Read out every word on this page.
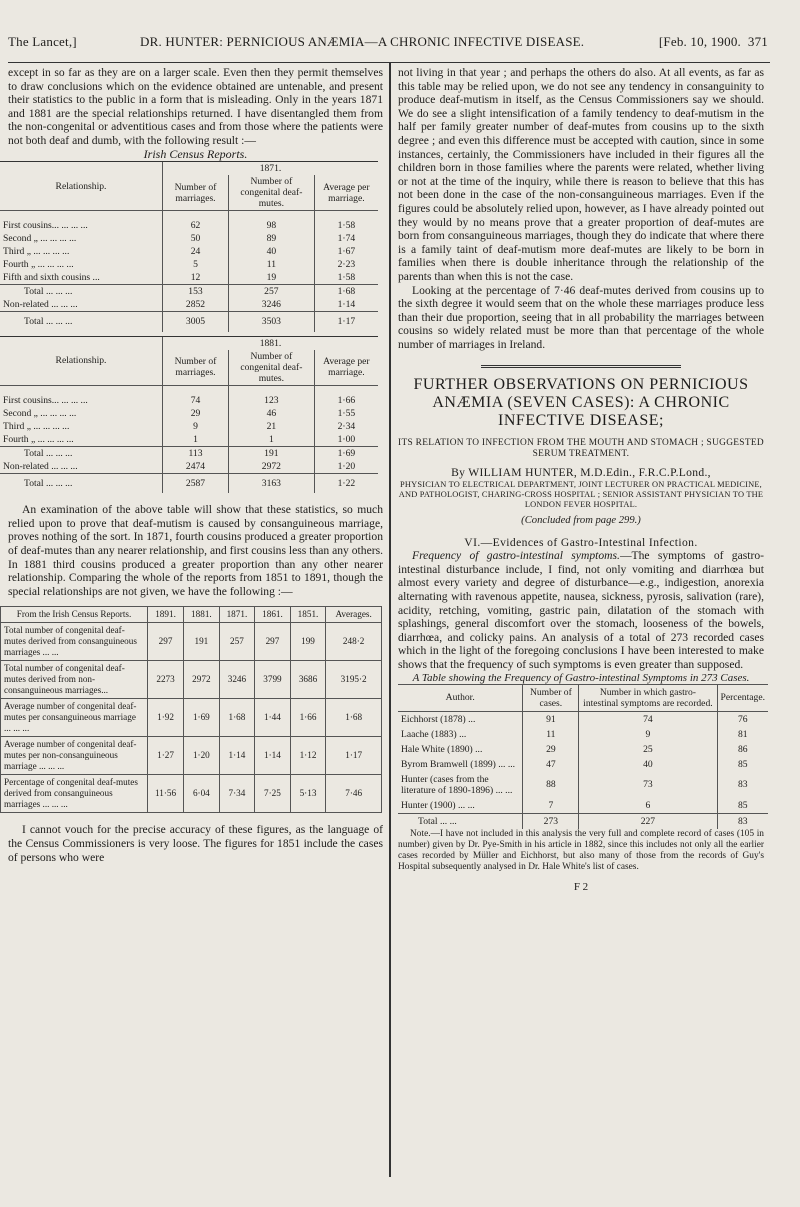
The Lancet,]	DR. HUNTER: PERNICIOUS ANÆMIA—A CHRONIC INFECTIVE DISEASE.	[Feb. 10, 1900. 371

except in so far as they are on a larger scale. Even then they permit themselves to draw conclusions which on the evidence obtained are untenable, and present their statistics to the public in a form that is misleading. Only in the years 1871 and 1881 are the special relationships returned. I have disentangled them from the non-congenital or adventitious cases and from those where the patients were not both deaf and dumb, with the following result :—

Irish Census Reports.

Relationship.	1871.		
	Number of marriages.	Number of congenital deaf-mutes.	Average per marriage.

First cousins... ... ... ...	62	98	1·58
Second „ ... ... ... ...	50	89	1·74
Third „ ... ... ... ...	24	40	1·67
Fourth „ ... ... ... ...	5	11	2·23
Fifth and sixth cousins ...	12	19	1·58
Total ... ... ...	153	257	1·68
Non-related ... ... ...	2852	3246	1·14
Total ... ... ...	3005	3503	1·17
Relationship.	1881.		
	Number of marriages.	Number of congenital deaf-mutes.	Average per marriage.

First cousins... ... ... ...	74	123	1·66
Second „ ... ... ... ...	29	46	1·55
Third „ ... ... ... ...	9	21	2·34
Fourth „ ... ... ... ...	1	1	1·00
Total ... ... ...	113	191	1·69
Non-related ... ... ...	2474	2972	1·20
Total ... ... ...	2587	3163	1·22

An examination of the above table will show that these statistics, so much relied upon to prove that deaf-mutism is caused by consanguineous marriage, proves nothing of the sort. In 1871, fourth cousins produced a greater proportion of deaf-mutes than any nearer relationship, and first cousins less than any others. In 1881 third cousins produced a greater proportion than any other nearer relationship. Comparing the whole of the reports from 1851 to 1891, though the special relationships are not given, we have the following :—

From the Irish Census Reports.	1891.	1881.	1871.	1861.	1851.	Averages.
Total number of congenital deaf-mutes derived from consanguineous marriages ... ...	297	191	257	297	199	248·2
Total number of congenital deaf-mutes derived from non-consanguineous marriages...	2273	2972	3246	3799	3686	3195·2
Average number of congenital deaf-mutes per consanguineous marriage ... ... ...	1·92	1·69	1·68	1·44	1·66	1·68
Average number of congenital deaf-mutes per non-consanguineous marriage ... ... ...	1·27	1·20	1·14	1·14	1·12	1·17
Percentage of congenital deaf-mutes derived from consanguineous marriages ... ... ...	11·56	6·04	7·34	7·25	5·13	7·46

I cannot vouch for the precise accuracy of these figures, as the language of the Census Commissioners is very loose. The figures for 1851 include the cases of persons who were

not living in that year ; and perhaps the others do also. At all events, as far as this table may be relied upon, we do not see any tendency in consanguinity to produce deaf-mutism in itself, as the Census Commissioners say we should. We do see a slight intensification of a family tendency to deaf-mutism in the half per family greater number of deaf-mutes from cousins up to the sixth degree ; and even this difference must be accepted with caution, since in some instances, certainly, the Commissioners have included in their figures all the children born in those families where the parents were related, whether living or not at the time of the inquiry, while there is reason to believe that this has not been done in the case of the non-consanguineous marriages. Even if the figures could be absolutely relied upon, however, as I have already pointed out they would by no means prove that a greater proportion of deaf-mutes are born from consanguineous marriages, though they do indicate that where there is a family taint of deaf-mutism more deaf-mutes are likely to be born in families when there is double inheritance through the relationship of the parents than when this is not the case.

Looking at the percentage of 7·46 deaf-mutes derived from cousins up to the sixth degree it would seem that on the whole these marriages produce less than their due proportion, seeing that in all probability the marriages between cousins so widely related must be more than that percentage of the whole number of marriages in Ireland.

FURTHER OBSERVATIONS ON PERNICIOUS ANÆMIA (SEVEN CASES): A CHRONIC INFECTIVE DISEASE;
ITS RELATION TO INFECTION FROM THE MOUTH AND STOMACH ; SUGGESTED SERUM TREATMENT.
By WILLIAM HUNTER, M.D.Edin., F.R.C.P.Lond.,
PHYSICIAN TO ELECTRICAL DEPARTMENT, JOINT LECTURER ON PRACTICAL MEDICINE, AND PATHOLOGIST, CHARING-CROSS HOSPITAL ; SENIOR ASSISTANT PHYSICIAN TO THE LONDON FEVER HOSPITAL.
(Concluded from page 299.)
VI.—Evidences of Gastro-Intestinal Infection.

Frequency of gastro-intestinal symptoms.—The symptoms of gastro-intestinal disturbance include, I find, not only vomiting and diarrhœa but almost every variety and degree of disturbance—e.g., indigestion, anorexia alternating with ravenous appetite, nausea, sickness, pyrosis, salivation (rare), acidity, retching, vomiting, gastric pain, dilatation of the stomach with splashings, general discomfort over the stomach, looseness of the bowels, diarrhœa, and colicky pains. An analysis of a total of 273 recorded cases which in the light of the foregoing conclusions I have been interested to make shows that the frequency of such symptoms is even greater than supposed.

A Table showing the Frequency of Gastro-intestinal Symptoms in 273 Cases.

Author.	Number of cases.	Number in which gastro-intestinal symptoms are recorded.	Percentage.
Eichhorst (1878) ...	91	74	76
Laache (1883) ...	11	9	81
Hale White (1890) ...	29	25	86
Byrom Bramwell (1899) ... ...	47	40	85
Hunter (cases from the literature of 1890-1896) ... ...	88	73	83
Hunter (1900) ... ...	7	6	85
Total ... ...	273	227	83

Note.—I have not included in this analysis the very full and complete record of cases (105 in number) given by Dr. Pye-Smith in his article in 1882, since this includes not only all the earlier cases recorded by Müller and Eichhorst, but also many of those from the records of Guy's Hospital subsequently analysed in Dr. Hale White's list of cases.

F 2
